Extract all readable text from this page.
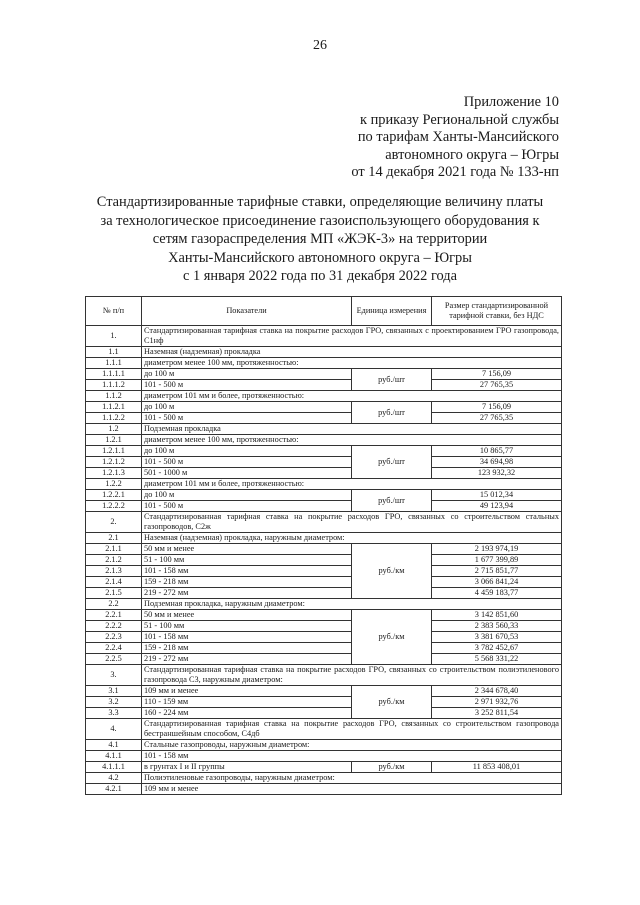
26
Приложение 10
к приказу Региональной службы
по тарифам Ханты-Мансийского
автономного округа – Югры
от 14 декабря 2021 года № 133-нп
Стандартизированные тарифные ставки, определяющие величину платы
за технологическое присоединение газоиспользующего оборудования к
сетям газораспределения МП «ЖЭК-3» на территории
Ханты-Мансийского автономного округа – Югры
с 1 января 2022 года по 31 декабря 2022 года
№ п/п	Показатели	Единица измерения	Размер стандартизированной тарифной ставки, без НДС
1.	Стандартизированная тарифная ставка на покрытие расходов ГРО, связанных с проектированием ГРО газопровода, C1нф		
1.1	Наземная (надземная) прокладка		
1.1.1	диаметром менее 100 мм, протяженностью:		
1.1.1.1	до 100 м	руб./шт	7 156,09
1.1.1.2	101 - 500 м		27 765,35
1.1.2	диаметром 101 мм и более, протяженностью:		
1.1.2.1	до 100 м	руб./шт	7 156,09
1.1.2.2	101 - 500 м		27 765,35
1.2	Подземная прокладка		
1.2.1	диаметром менее 100 мм, протяженностью:		
1.2.1.1	до 100 м	руб./шт	10 865,77
1.2.1.2	101 - 500 м		34 694,98
1.2.1.3	501 - 1000 м		123 932,32
1.2.2	диаметром 101 мм и более, протяженностью:		
1.2.2.1	до 100 м	руб./шт	15 012,34
1.2.2.2	101 - 500 м		49 123,94
2.	Стандартизированная тарифная ставка на покрытие расходов ГРО, связанных со строительством стальных газопроводов, C2ж		
2.1	Наземная (надземная) прокладка, наружным диаметром:		
2.1.1	50 мм и менее	руб./км	2 193 974,19
2.1.2	51 - 100 мм		1 677 399,89
2.1.3	101 - 158 мм		2 715 851,77
2.1.4	159 - 218 мм		3 066 841,24
2.1.5	219 - 272 мм		4 459 183,77
2.2	Подземная прокладка, наружным диаметром:		
2.2.1	50 мм и менее	руб./км	3 142 851,60
2.2.2	51 - 100 мм		2 383 560,33
2.2.3	101 - 158 мм		3 381 670,53
2.2.4	159 - 218 мм		3 782 452,67
2.2.5	219 - 272 мм		5 568 331,22
3.	Стандартизированная тарифная ставка на покрытие расходов ГРО, связанных со строительством полиэтиленового газопровода C3, наружным диаметром:		
3.1	109 мм и менее	руб./км	2 344 678,40
3.2	110 - 159 мм		2 971 932,76
3.3	160 - 224 мм		3 252 811,54
4.	Стандартизированная тарифная ставка на покрытие расходов ГРО, связанных со строительством газопровода бестраншейным способом, C4дб		
4.1	Стальные газопроводы, наружным диаметром:		
4.1.1	101 - 158 мм		
4.1.1.1	в грунтах I и II группы	руб./км	11 853 408,01
4.2	Полиэтиленовые газопроводы, наружным диаметром:		
4.2.1	109 мм и менее		
